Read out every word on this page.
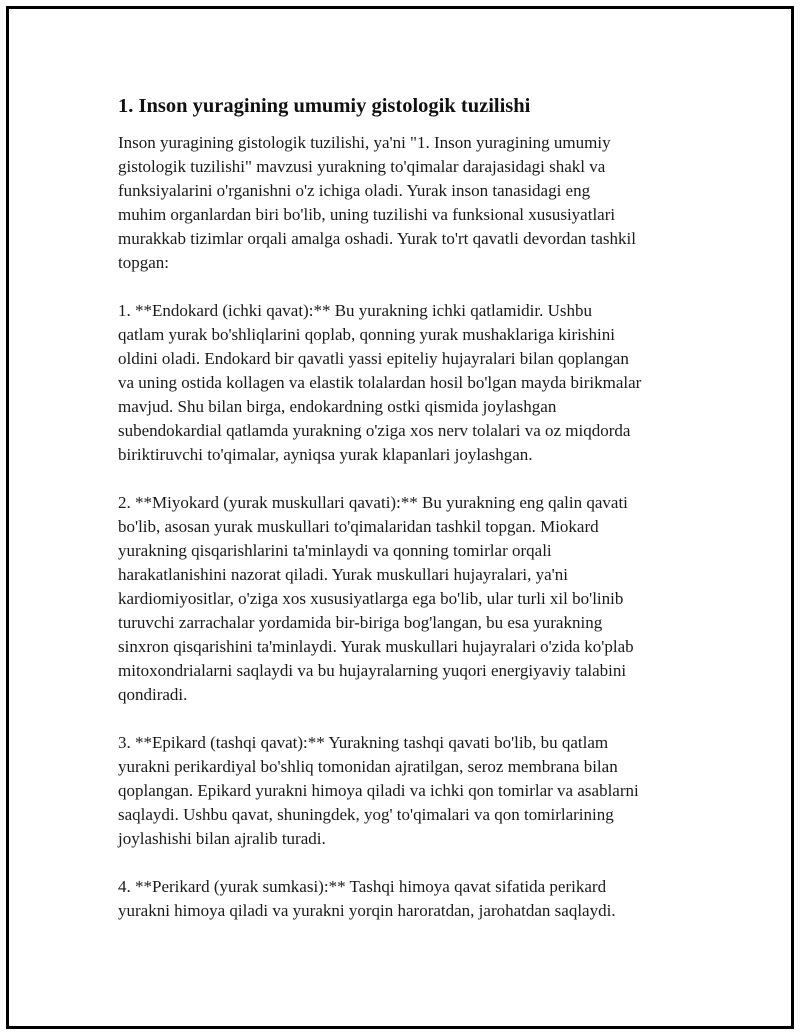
1. Inson yuragining umumiy gistologik tuzilishi

Inson yuragining gistologik tuzilishi, ya'ni "1. Inson yuragining umumiy
gistologik tuzilishi" mavzusi yurakning to'qimalar darajasidagi shakl va
funksiyalarini o'rganishni o'z ichiga oladi. Yurak inson tanasidagi eng
muhim organlardan biri bo'lib, uning tuzilishi va funksional xususiyatlari
murakkab tizimlar orqali amalga oshadi. Yurak to'rt qavatli devordan tashkil
topgan:

1. **Endokard (ichki qavat):** Bu yurakning ichki qatlamidir. Ushbu
qatlam yurak bo'shliqlarini qoplab, qonning yurak mushaklariga kirishini
oldini oladi. Endokard bir qavatli yassi epiteliy hujayralari bilan qoplangan
va uning ostida kollagen va elastik tolalardan hosil bo'lgan mayda birikmalar
mavjud. Shu bilan birga, endokardning ostki qismida joylashgan
subendokardial qatlamda yurakning o'ziga xos nerv tolalari va oz miqdorda
biriktiruvchi to'qimalar, ayniqsa yurak klapanlari joylashgan.

2. **Miyokard (yurak muskullari qavati):** Bu yurakning eng qalin qavati
bo'lib, asosan yurak muskullari to'qimalaridan tashkil topgan. Miokard
yurakning qisqarishlarini ta'minlaydi va qonning tomirlar orqali
harakatlanishini nazorat qiladi. Yurak muskullari hujayralari, ya'ni
kardiomiyositlar, o'ziga xos xususiyatlarga ega bo'lib, ular turli xil bo'linib
turuvchi zarrachalar yordamida bir-biriga bog'langan, bu esa yurakning
sinxron qisqarishini ta'minlaydi. Yurak muskullari hujayralari o'zida ko'plab
mitoxondrialarni saqlaydi va bu hujayralarning yuqori energiyaviy talabini
qondiradi.

3. **Epikard (tashqi qavat):** Yurakning tashqi qavati bo'lib, bu qatlam
yurakni perikardiyal bo'shliq tomonidan ajratilgan, seroz membrana bilan
qoplangan. Epikard yurakni himoya qiladi va ichki qon tomirlar va asablarni
saqlaydi. Ushbu qavat, shuningdek, yog' to'qimalari va qon tomirlarining
joylashishi bilan ajralib turadi.

4. **Perikard (yurak sumkasi):** Tashqi himoya qavat sifatida perikard
yurakni himoya qiladi va yurakni yorqin haroratdan, jarohatdan saqlaydi.
